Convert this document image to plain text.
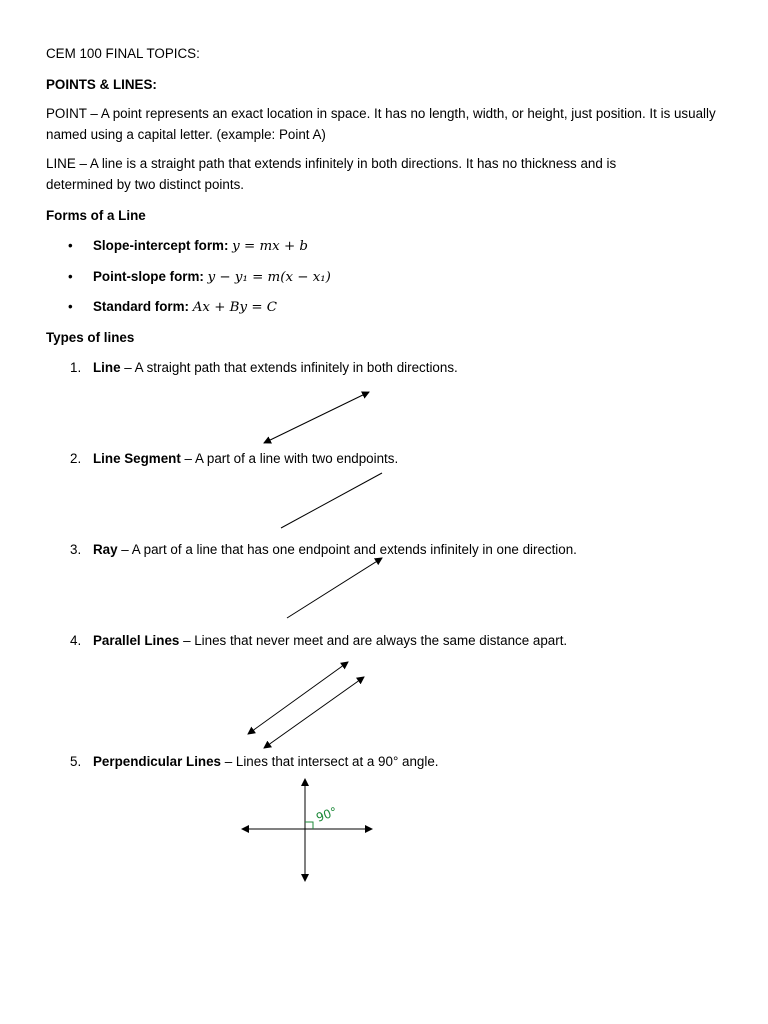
CEM 100 FINAL TOPICS:
POINTS & LINES:
POINT – A point represents an exact location in space. It has no length, width, or height, just position. It is usually named using a capital letter. (example: Point A)
LINE – A line is a straight path that extends infinitely in both directions. It has no thickness and is determined by two distinct points.
Forms of a Line
• Slope-intercept form: y = mx + b
• Point-slope form: y − y₁ = m(x − x₁)
• Standard form: Ax + By = C
Types of lines
1. Line – A straight path that extends infinitely in both directions.
2. Line Segment – A part of a line with two endpoints.
3. Ray – A part of a line that has one endpoint and extends infinitely in one direction.
4. Parallel Lines – Lines that never meet and are always the same distance apart.
5. Perpendicular Lines – Lines that intersect at a 90° angle.
90°
